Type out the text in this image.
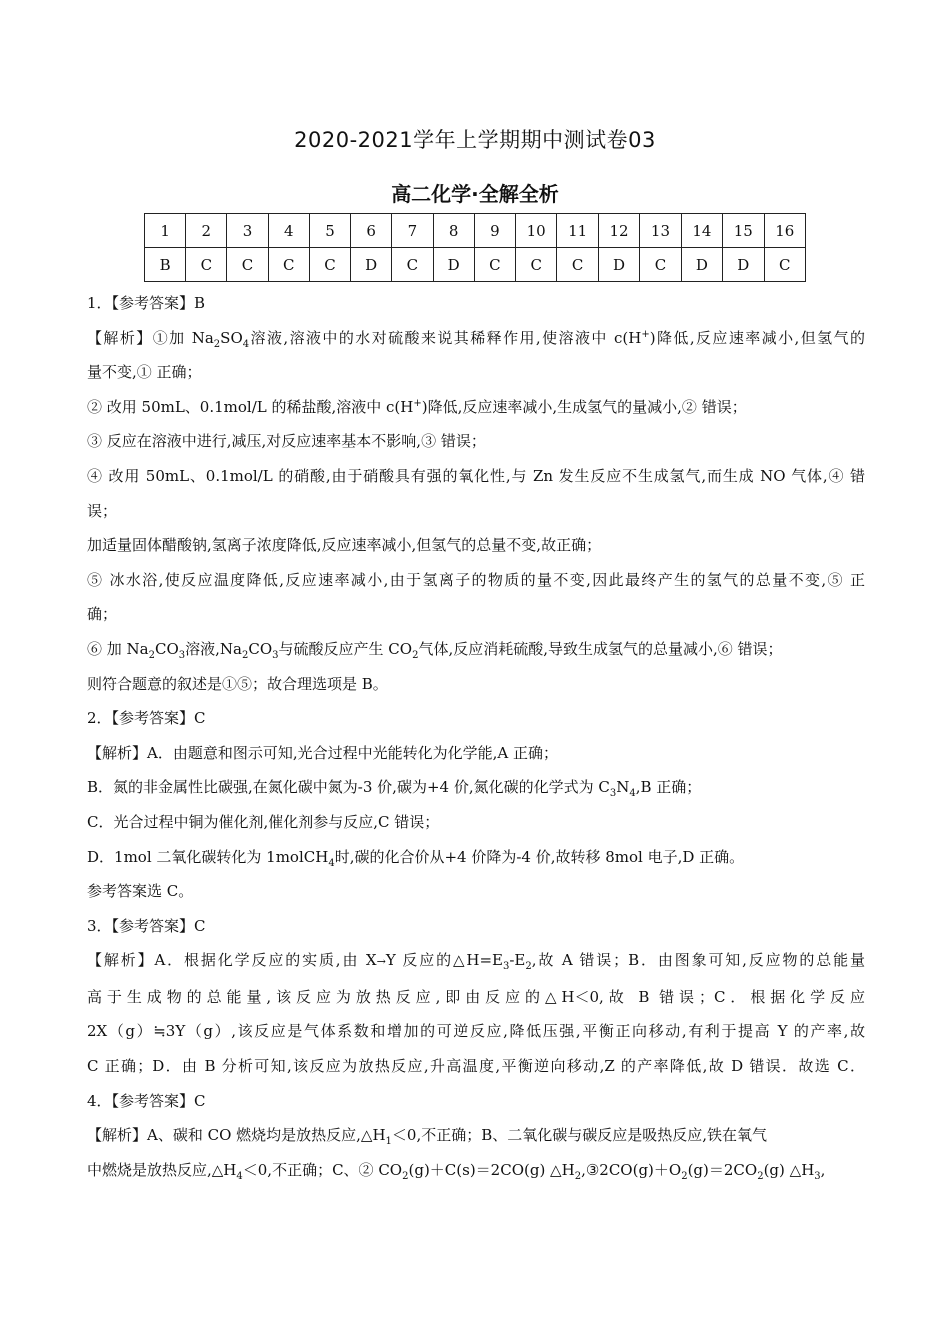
2020-2021学年上学期期中测试卷03
高二化学·全解全析
1	2	3	4	5	6	7	8	9	10	11	12	13	14	15	16
B	C	C	C	C	D	C	D	C	C	C	D	C	D	D	C

1．【参考答案】B

【解析】①加 $Na_2SO_4$溶液,溶液中的水对硫酸来说其稀释作用,使溶液中 c(H+)降低,反应速率减小,但氢气的

量不变,① 正确；

② 改用 50mL、0.1mol/L 的稀盐酸,溶液中 c(H+)降低,反应速率减小,生成氢气的量减小,② 错误；

③ 反应在溶液中进行,减压,对反应速率基本不影响,③ 错误；

④ 改用 50mL、0.1mol/L 的硝酸,由于硝酸具有强的氧化性,与 Zn 发生反应不生成氢气,而生成 NO 气体,④ 错

误；

加适量固体醋酸钠,氢离子浓度降低,反应速率减小,但氢气的总量不变,故正确；

⑤ 冰水浴,使反应温度降低,反应速率减小,由于氢离子的物质的量不变,因此最终产生的氢气的总量不变,⑤ 正

确；

⑥ 加 $Na_2CO_3$溶液$,Na_2CO_3$与硫酸反应产生 $CO_2$气体,反应消耗硫酸,导致生成氢气的总量减小,⑥ 错误；

则符合题意的叙述是①⑤；故合理选项是 B。

2．【参考答案】C

【解析】A．由题意和图示可知,光合过程中光能转化为化学能,A 正确；

B．氮的非金属性比碳强,在氮化碳中氮为-3 价,碳为+4 价,氮化碳的化学式为 $C_3N_4,B$ 正确；

C．光合过程中铜为催化剂,催化剂参与反应,C 错误；

D．1mol 二氧化碳转化为 1molCH$_4$时,碳的化合价从+4 价降为-4 价,故转移 8mol 电子,D 正确。

参考答案选 C。

3．【参考答案】C

【解析】A．根据化学反应的实质,由 X→Y 反应的$\triangle H=E_3-E_2$,故 A 错误；B．由图象可知,反应物的总能量

高于生成物的总能量,该反应为放热反应,即由反应的△H＜0,故 B 错误；C．根据化学反应

2X（g）≒3Y（g）,该反应是气体系数和增加的可逆反应,降低压强,平衡正向移动,有利于提高 Y 的产率,故

C 正确；D．由 B 分析可知,该反应为放热反应,升高温度,平衡逆向移动,Z 的产率降低,故 D 错误．故选 C．

4．【参考答案】C

【解析】A、碳和 CO 燃烧均是放热反应$,\triangle H_1<0$,不正确；B、二氧化碳与碳反应是吸热反应,铁在氧气

中燃烧是放热反应$,\triangle H_4<0$,不正确；C、② $CO_2(g)+C(s)=2CO(g)$ $\triangle H_2,③2CO(g)+O_2(g)=2CO_2(g)$ $\triangle H_3$,
